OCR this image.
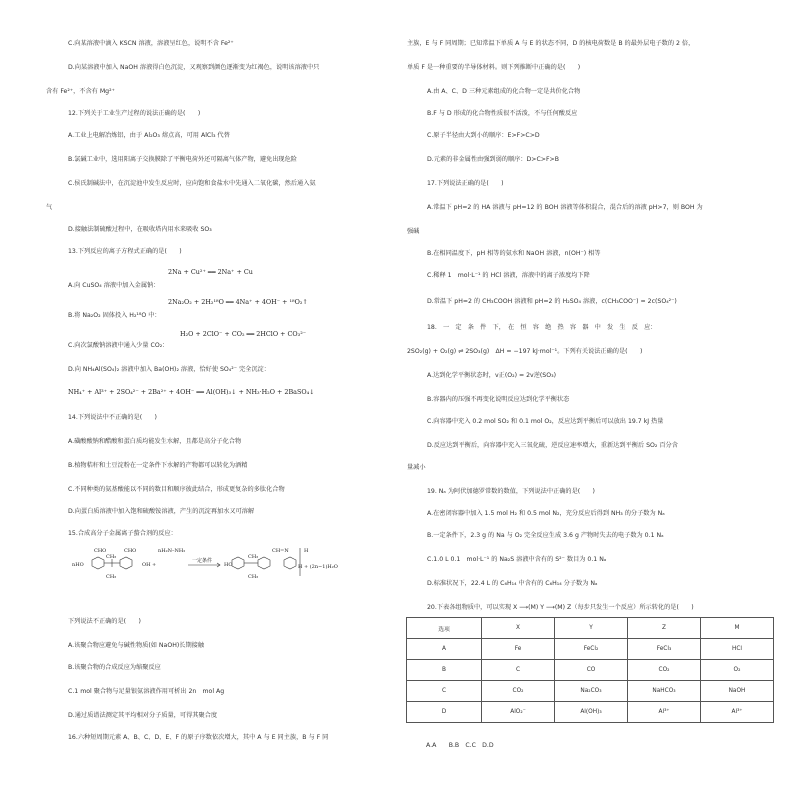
C.向某溶液中滴入 KSCN 溶液，溶液呈红色，说明不含 Fe²⁺
D.向某溶液中加入 NaOH 溶液得白色沉淀，又观察到颜色逐渐变为红褐色，说明该溶液中只
含有 Fe²⁺，不含有 Mg²⁺
12.下列关于工业生产过程的说法正确的是(　　)
A.工业上电解冶炼铝，由于 Al₂O₃ 熔点高，可用 AlCl₃ 代替
B.氯碱工业中，选用阳离子交换膜除了平衡电荷外还可隔离气体产物，避免出现危险
C.侯氏制碱法中，在沉淀池中发生反应时，应向饱和食盐水中先通入二氧化碳，然后通入氨
气
D.接触法制硫酸过程中，在吸收塔内用水来吸收 SO₃
13.下列反应的离子方程式正确的是(　　)
A.向 CuSO₄ 溶液中加入金属钠：
B.将 Na₂O₂ 固体投入 H₂¹⁸O 中：
C.向次氯酸钠溶液中通入少量 CO₂：
D.向 NH₄Al(SO₄)₂ 溶液中加入 Ba(OH)₂ 溶液，恰好使 SO₄²⁻ 完全沉淀：
14.下列说法中不正确的是(　　)
A.磺酸酸钠和醋酸和蛋白质均能发生水解，且都是高分子化合物
B.植物秸秆和土豆淀粉在一定条件下水解的产物都可以转化为酒精
C.不同种类的氨基酸能以不同的数目和顺序彼此结合，形成更复杂的多肽化合物
D.向蛋白质溶液中加入饱和硫酸铵溶液，产生的沉淀再加水又可溶解
15.合成高分子金属离子螯合剂的反应：
下列说法不正确的是(　　)
A.该聚合物应避免与碱性物质(如 NaOH)长期接触
B.该聚合物的合成反应为缩聚反应
C.1 mol 聚合物与足量银氨溶液作用可析出 2n　mol Ag
D.通过质谱法测定其平均相对分子质量，可得其聚合度
16.六种短周期元素 A、B、C、D、E、F 的原子序数依次增大，其中 A 与 E 同主族，B 与 F 同
2Na + Cu²⁺ ══ 2Na⁺ + Cu
2Na₂O₂ + 2H₂¹⁸O ══ 4Na⁺ + 4OH⁻ + ¹⁸O₂↑
H₂O + 2ClO⁻ + CO₂ ══ 2HClO + CO₃²⁻
NH₄⁺ + Al³⁺ + 2SO₄²⁻ + 2Ba²⁺ + 4OH⁻ ══ Al(OH)₃↓ + NH₃·H₂O + 2BaSO₄↓
主族，E 与 F 同周期；已知常温下单质 A 与 E 的状态不同，D 的核电荷数是 B 的最外层电子数的 2 倍，
单质 F 是一种重要的半导体材料。则下列推断中正确的是(　　)
A.由 A、C、D 三种元素组成的化合物一定是共价化合物
B.F 与 D 形成的化合物性质很不活泼，不与任何酸反应
C.原子半径由大到小的顺序：E>F>C>D
D.元素的非金属性由强到弱的顺序：D>C>F>B
17.下列说法正确的是(　　)
A.常温下 pH=2 的 HA 溶液与 pH=12 的 BOH 溶液等体积混合，混合后的溶液 pH>7，则 BOH 为
强碱
B.在相同温度下，pH 相等的氨水和 NaOH 溶液，n(OH⁻) 相等
C.稀释 1　mol·L⁻¹ 的 HCl 溶液，溶液中的离子浓度均下降
D.常温下 pH=2 的 CH₃COOH 溶液和 pH=2 的 H₂SO₄ 溶液，c(CH₃COO⁻) = 2c(SO₄²⁻)
18.　一　定　条　件　下，　在　恒　容　绝　热　容　器　中　发　生　反　应：
2SO₂(g) + O₂(g) ⇌ 2SO₃(g)　ΔH = −197 kJ·mol⁻¹。下列有关说法正确的是(　　)
A.达到化学平衡状态时，v正(O₂) = 2v逆(SO₃)
B.容器内的压强不再变化说明反应达到化学平衡状态
C.向容器中充入 0.2 mol SO₂ 和 0.1 mol O₂，反应达到平衡后可以放出 19.7 kJ 热量
D.反应达到平衡后，向容器中充入三氧化硫，逆反应速率增大，重新达到平衡后 SO₂ 百分含
量减小
19. Nₐ 为阿伏加德罗常数的数值，下列说法中正确的是(　　)
A.在密闭容器中加入 1.5 mol H₂ 和 0.5 mol N₂，充分反应后得到 NH₃ 的分子数为 Nₐ
B.一定条件下，2.3 g 的 Na 与 O₂ 完全反应生成 3.6 g 产物时失去的电子数为 0.1 Nₐ
C.1.0 L 0.1　mol·L⁻¹ 的 Na₂S 溶液中含有的 S²⁻ 数目为 0.1 Nₐ
D.标准状况下，22.4 L 的 C₆H₁₄ 中含有的 C₆H₁₄ 分子数为 Nₐ
20.下表各组物质中，可以实现 X ⟶(M) Y ⟶(M) Z（每步只发生一个反应）所示转化的是(　　)
nHO
CHO	CHO
CH₃
CH₃
OH +
nH₂N–NH₂
一定条件
HO
CH₃
CH₃
CH=N	H
H + (2n−1)H₂O
选项	X	Y	Z	M
A	Fe	FeCl₂	FeCl₃	HCl
B	C	CO	CO₂	O₂
C	CO₂	Na₂CO₃	NaHCO₃	NaOH
D	AlO₂⁻	Al(OH)₃	Al³⁺	Al³⁺
A.A　　B.B　C.C　D.D
